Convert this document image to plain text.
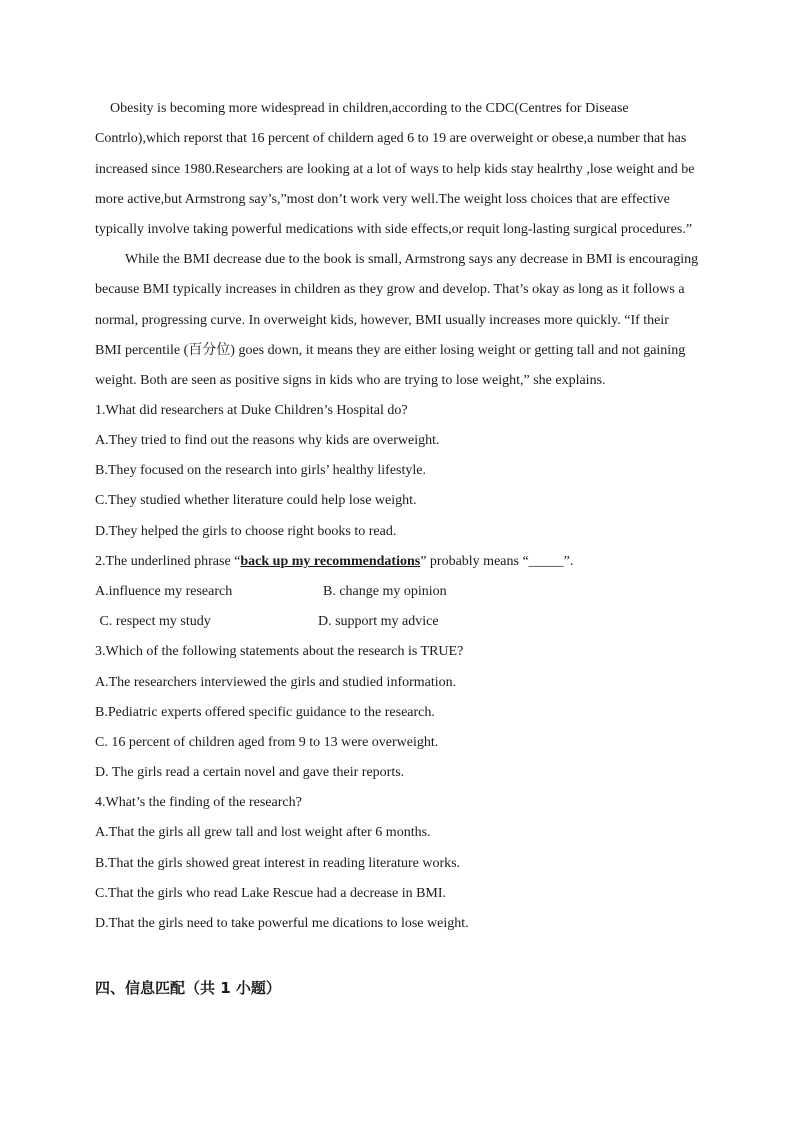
Obesity is becoming more widespread in children,according to the CDC(Centres for Disease
Contrlo),which reporst that 16 percent of childern aged 6 to 19 are overweight or obese,a number that has
increased since 1980.Researchers are looking at a lot of ways to help kids stay healrthy ,lose weight and be
more active,but Armstrong say’s,”most don’t work very well.The weight loss choices that are effective
typically involve taking powerful medications with side effects,or requit long-lasting surgical procedures.”
While the BMI decrease due to the book is small, Armstrong says any decrease in BMI is encouraging
because BMI typically increases in children as they grow and develop. That’s okay as long as it follows a
normal, progressing curve. In overweight kids, however, BMI usually increases more quickly. “If their
BMI percentile (百分位) goes down, it means they are either losing weight or getting tall and not gaining
weight. Both are seen as positive signs in kids who are trying to lose weight,” she explains.
1.What did researchers at Duke Children’s Hospital do?
A.They tried to find out the reasons why kids are overweight.
B.They focused on the research into girls’ healthy lifestyle.
C.They studied whether literature could help lose weight.
D.They helped the girls to choose right books to read.
2.The underlined phrase “back up my recommendations” probably means “_____”.
A.influence my research	B. change my opinion
C. respect my study	D. support my advice
3.Which of the following statements about the research is TRUE?
A.The researchers interviewed the girls and studied information.
B.Pediatric experts offered specific guidance to the research.
C. 16 percent of children aged from 9 to 13 were overweight.
D. The girls read a certain novel and gave their reports.
4.What’s the finding of the research?
A.That the girls all grew tall and lost weight after 6 months.
B.That the girls showed great interest in reading literature works.
C.That the girls who read Lake Rescue had a decrease in BMI.
D.That the girls need to take powerful me dications to lose weight.
四、信息匹配（共 1 小题）
